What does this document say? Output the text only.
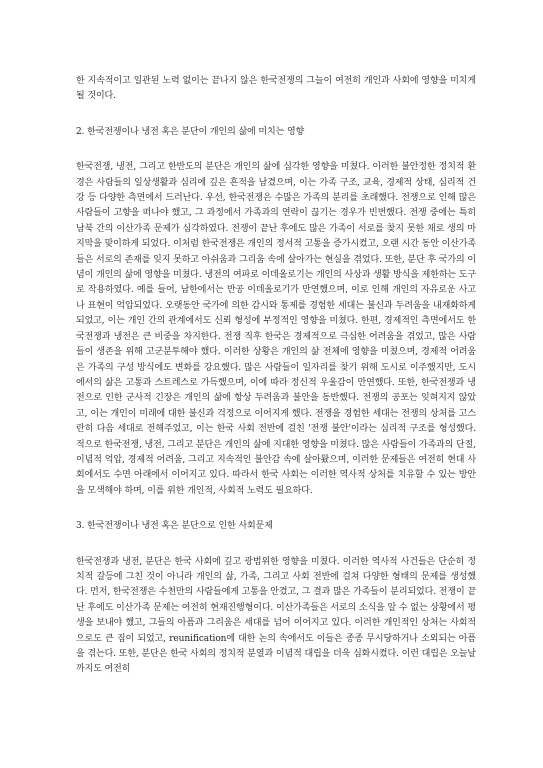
한 지속적이고 일관된 노력 없이는 끝나지 않은 한국전쟁의 그늘이 여전히 개인과 사회에 영향을 미치게 될 것이다.

2. 한국전쟁이나 냉전 혹은 분단이 개인의 삶에 미치는 영향

한국전쟁, 냉전, 그리고 한반도의 분단은 개인의 삶에 심각한 영향을 미쳤다. 이러한 불안정한 정치적 환경은 사람들의 일상생활과 심리에 깊은 흔적을 남겼으며, 이는 가족 구조, 교육, 경제적 상태, 심리적 건강 등 다양한 측면에서 드러난다. 우선, 한국전쟁은 수많은 가족의 분리를 초래했다. 전쟁으로 인해 많은 사람들이 고향을 떠나야 했고, 그 과정에서 가족과의 연락이 끊기는 경우가 빈번했다. 전쟁 중에는 특히 남북 간의 이산가족 문제가 심각하였다. 전쟁이 끝난 후에도 많은 가족이 서로를 찾지 못한 채로 생의 마지막을 맞이하게 되었다. 이처럼 한국전쟁은 개인의 정서적 고통을 증가시켰고, 오랜 시간 동안 이산가족들은 서로의 존재를 잊지 못하고 아쉬움과 그리움 속에 살아가는 현실을 겪었다. 또한, 분단 후 국가의 이념이 개인의 삶에 영향을 미쳤다. 냉전의 여파로 이데올로기는 개인의 사상과 생활 방식을 제한하는 도구로 작용하였다. 예를 들어, 남한에서는 반공 이데올로기가 만연했으며, 이로 인해 개인의 자유로운 사고나 표현이 억압되었다. 오랫동안 국가에 의한 감시와 통제를 경험한 세대는 불신과 두려움을 내재화하게 되었고, 이는 개인 간의 관계에서도 신뢰 형성에 부정적인 영향을 미쳤다. 한편, 경제적인 측면에서도 한국전쟁과 냉전은 큰 비중을 차지한다. 전쟁 직후 한국은 경제적으로 극심한 어려움을 겪었고, 많은 사람들이 생존을 위해 고군분투해야 했다. 이러한 상황은 개인의 삶 전체에 영향을 미쳤으며, 경제적 어려움은 가족의 구성 방식에도 변화를 강요했다. 많은 사람들이 일자리를 찾기 위해 도시로 이주했지만, 도시에서의 삶은 고통과 스트레스로 가득했으며, 이에 따라 정신적 우울감이 만연했다. 또한, 한국전쟁과 냉전으로 인한 군사적 긴장은 개인의 삶에 항상 두려움과 불안을 동반했다. 전쟁의 공포는 잊혀지지 않았고, 이는 개인이 미래에 대한 불신과 걱정으로 이어지게 했다. 전쟁을 경험한 세대는 전쟁의 상처를 고스란히 다음 세대로 전해주었고, 이는 한국 사회 전반에 걸친 '전쟁 불안'이라는 심리적 구조를 형성했다. 적으로 한국전쟁, 냉전, 그리고 분단은 개인의 삶에 지대한 영향을 미쳤다. 많은 사람들이 가족과의 단절, 이념적 억압, 경제적 어려움, 그리고 지속적인 불안감 속에 살아왔으며, 이러한 문제들은 여전히 현대 사회에서도 수면 아래에서 이어지고 있다. 따라서 한국 사회는 이러한 역사적 상처를 치유할 수 있는 방안을 모색해야 하며, 이를 위한 개인적, 사회적 노력도 필요하다.

3. 한국전쟁이나 냉전 혹은 분단으로 인한 사회문제

한국전쟁과 냉전, 분단은 한국 사회에 깊고 광범위한 영향을 미쳤다. 이러한 역사적 사건들은 단순히 정치적 갈등에 그친 것이 아니라 개인의 삶, 가족, 그리고 사회 전반에 걸쳐 다양한 형태의 문제를 생성했다. 먼저, 한국전쟁은 수천만의 사람들에게 고통을 안겼고, 그 결과 많은 가족들이 분리되었다. 전쟁이 끝난 후에도 이산가족 문제는 여전히 현재진행형이다. 이산가족들은 서로의 소식을 알 수 없는 상황에서 평생을 보내야 했고, 그들의 아픔과 그리움은 세대를 넘어 이어지고 있다. 이러한 개인적인 상처는 사회적으로도 큰 짐이 되었고, reunification에 대한 논의 속에서도 이들은 종종 무시당하거나 소외되는 아픔을 겪는다. 또한, 분단은 한국 사회의 정치적 분열과 이념적 대립을 더욱 심화시켰다. 이런 대립은 오늘날까지도 여전히
